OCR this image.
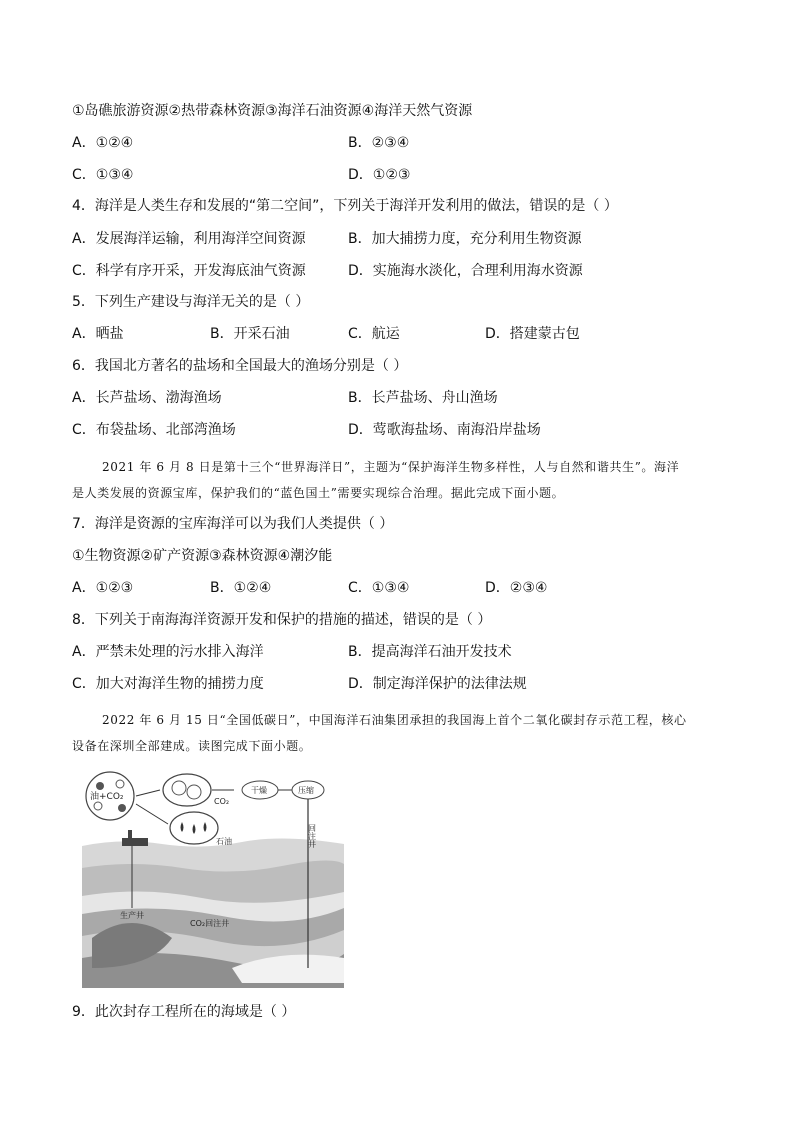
①岛礁旅游资源②热带森林资源③海洋石油资源④海洋天然气资源
A．①②④	B．②③④
C．①③④	D．①②③
4．海洋是人类生存和发展的“第二空间”，下列关于海洋开发利用的做法，错误的是（ ）
A．发展海洋运输，利用海洋空间资源	B．加大捕捞力度，充分利用生物资源
C．科学有序开采，开发海底油气资源	D．实施海水淡化，合理利用海水资源
5．下列生产建设与海洋无关的是（ ）
A．晒盐	B．开采石油	C．航运	D．搭建蒙古包
6．我国北方著名的盐场和全国最大的渔场分别是（ ）
A．长芦盐场、渤海渔场	B．长芦盐场、舟山渔场
C．布袋盐场、北部湾渔场	D．莺歌海盐场、南海沿岸盐场
2021 年 6 月 8 日是第十三个“世界海洋日”，主题为“保护海洋生物多样性，人与自然和谐共生”。海洋
是人类发展的资源宝库，保护我们的“蓝色国土”需要实现综合治理。据此完成下面小题。
7．海洋是资源的宝库海洋可以为我们人类提供（ ）
①生物资源②矿产资源③森林资源④潮汐能
A．①②③	B．①②④	C．①③④	D．②③④
8．下列关于南海海洋资源开发和保护的措施的描述，错误的是（ ）
A．严禁未处理的污水排入海洋	B．提高海洋石油开发技术
C．加大对海洋生物的捕捞力度	D．制定海洋保护的法律法规
2022 年 6 月 15 日“全国低碳日”，中国海洋石油集团承担的我国海上首个二氧化碳封存示范工程，核心
设备在深圳全部建成。读图完成下面小题。
油+CO₂	CO₂
石油
干燥	压缩
回注井
生产井
CO₂回注井
9．此次封存工程所在的海域是（ ）
